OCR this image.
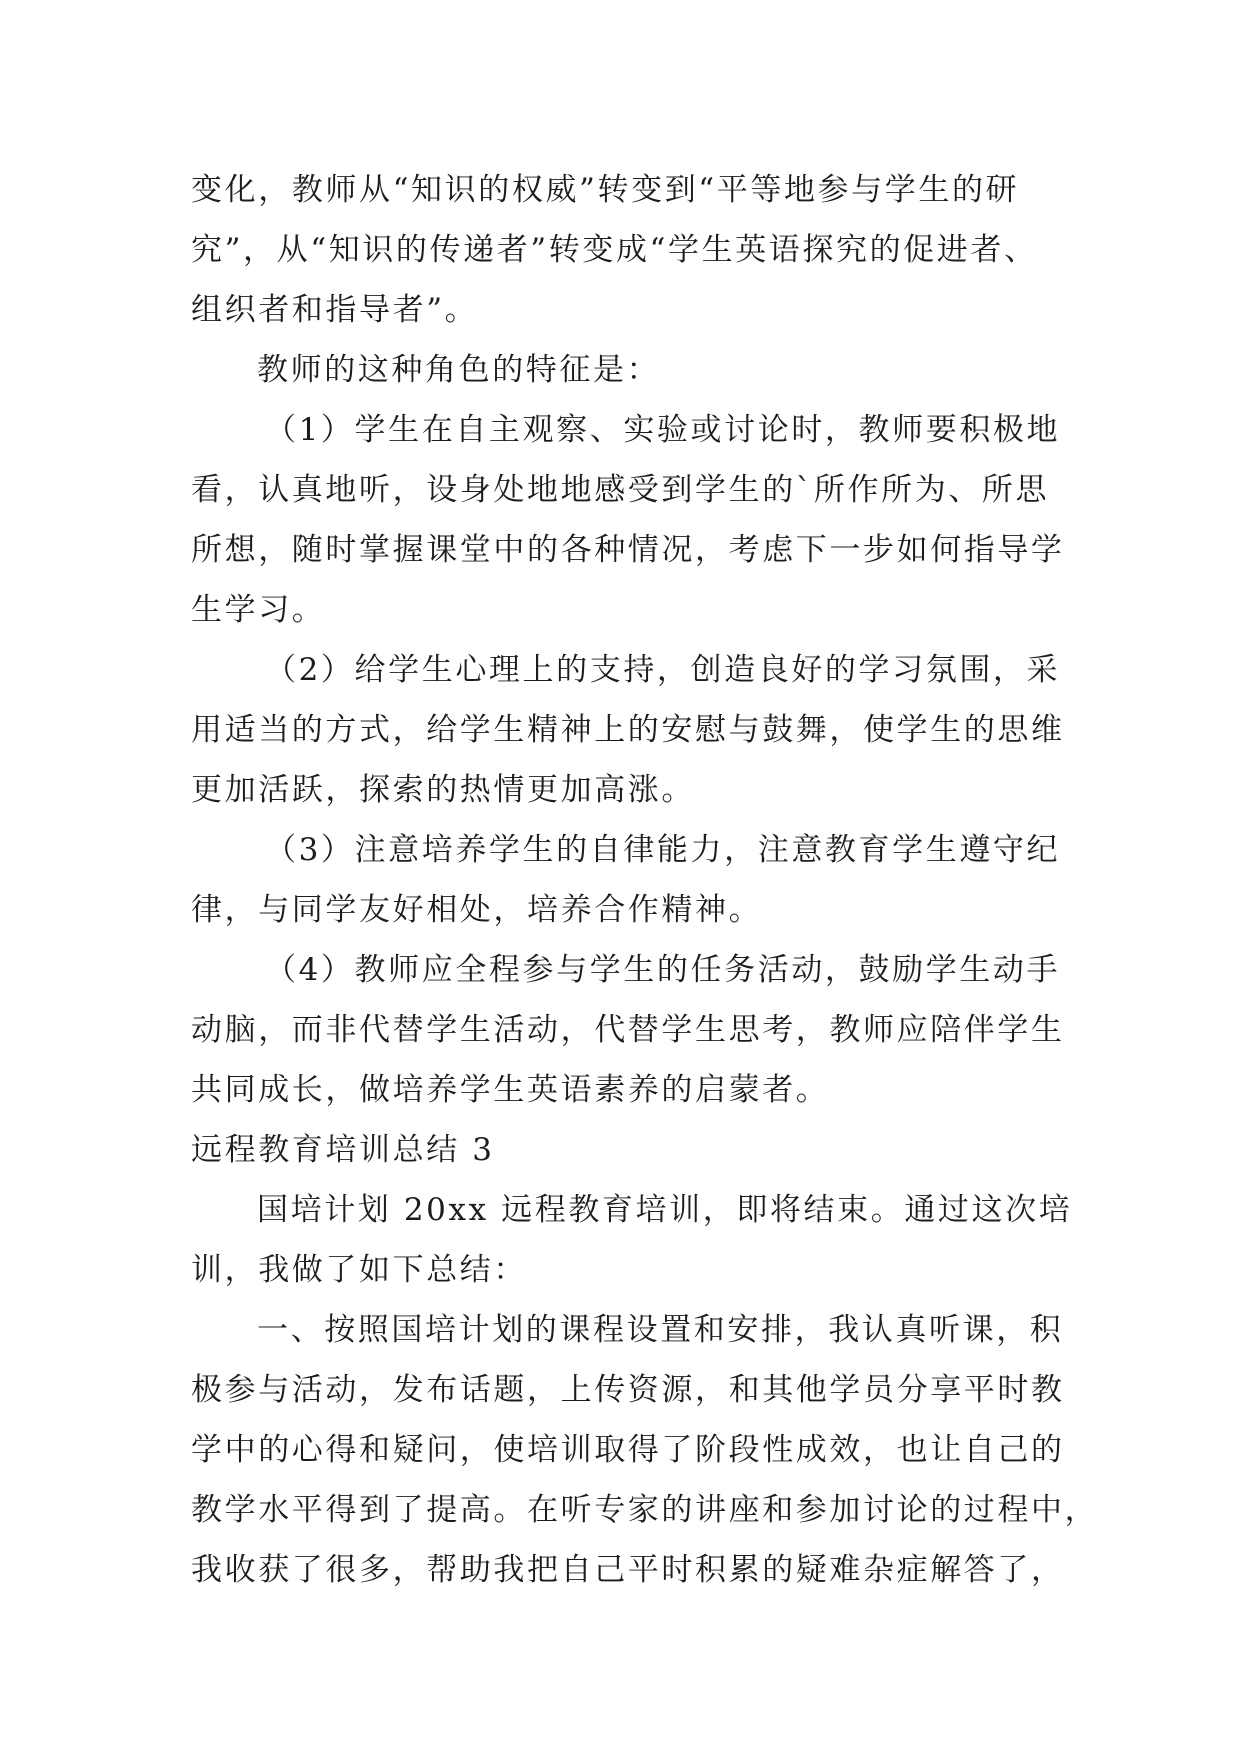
变化，教师从“知识的权威”转变到“平等地参与学生的研
究”，从“知识的传递者”转变成“学生英语探究的促进者、
组织者和指导者”。
教师的这种角色的特征是：
（1）学生在自主观察、实验或讨论时，教师要积极地
看，认真地听，设身处地地感受到学生的`所作所为、所思
所想，随时掌握课堂中的各种情况，考虑下一步如何指导学
生学习。
（2）给学生心理上的支持，创造良好的学习氛围，采
用适当的方式，给学生精神上的安慰与鼓舞，使学生的思维
更加活跃，探索的热情更加高涨。
（3）注意培养学生的自律能力，注意教育学生遵守纪
律，与同学友好相处，培养合作精神。
（4）教师应全程参与学生的任务活动，鼓励学生动手
动脑，而非代替学生活动，代替学生思考，教师应陪伴学生
共同成长，做培养学生英语素养的启蒙者。
远程教育培训总结 3
国培计划 20xx 远程教育培训，即将结束。通过这次培
训，我做了如下总结：
一、按照国培计划的课程设置和安排，我认真听课，积
极参与活动，发布话题，上传资源，和其他学员分享平时教
学中的心得和疑问，使培训取得了阶段性成效，也让自己的
教学水平得到了提高。在听专家的讲座和参加讨论的过程中，
我收获了很多，帮助我把自己平时积累的疑难杂症解答了，
